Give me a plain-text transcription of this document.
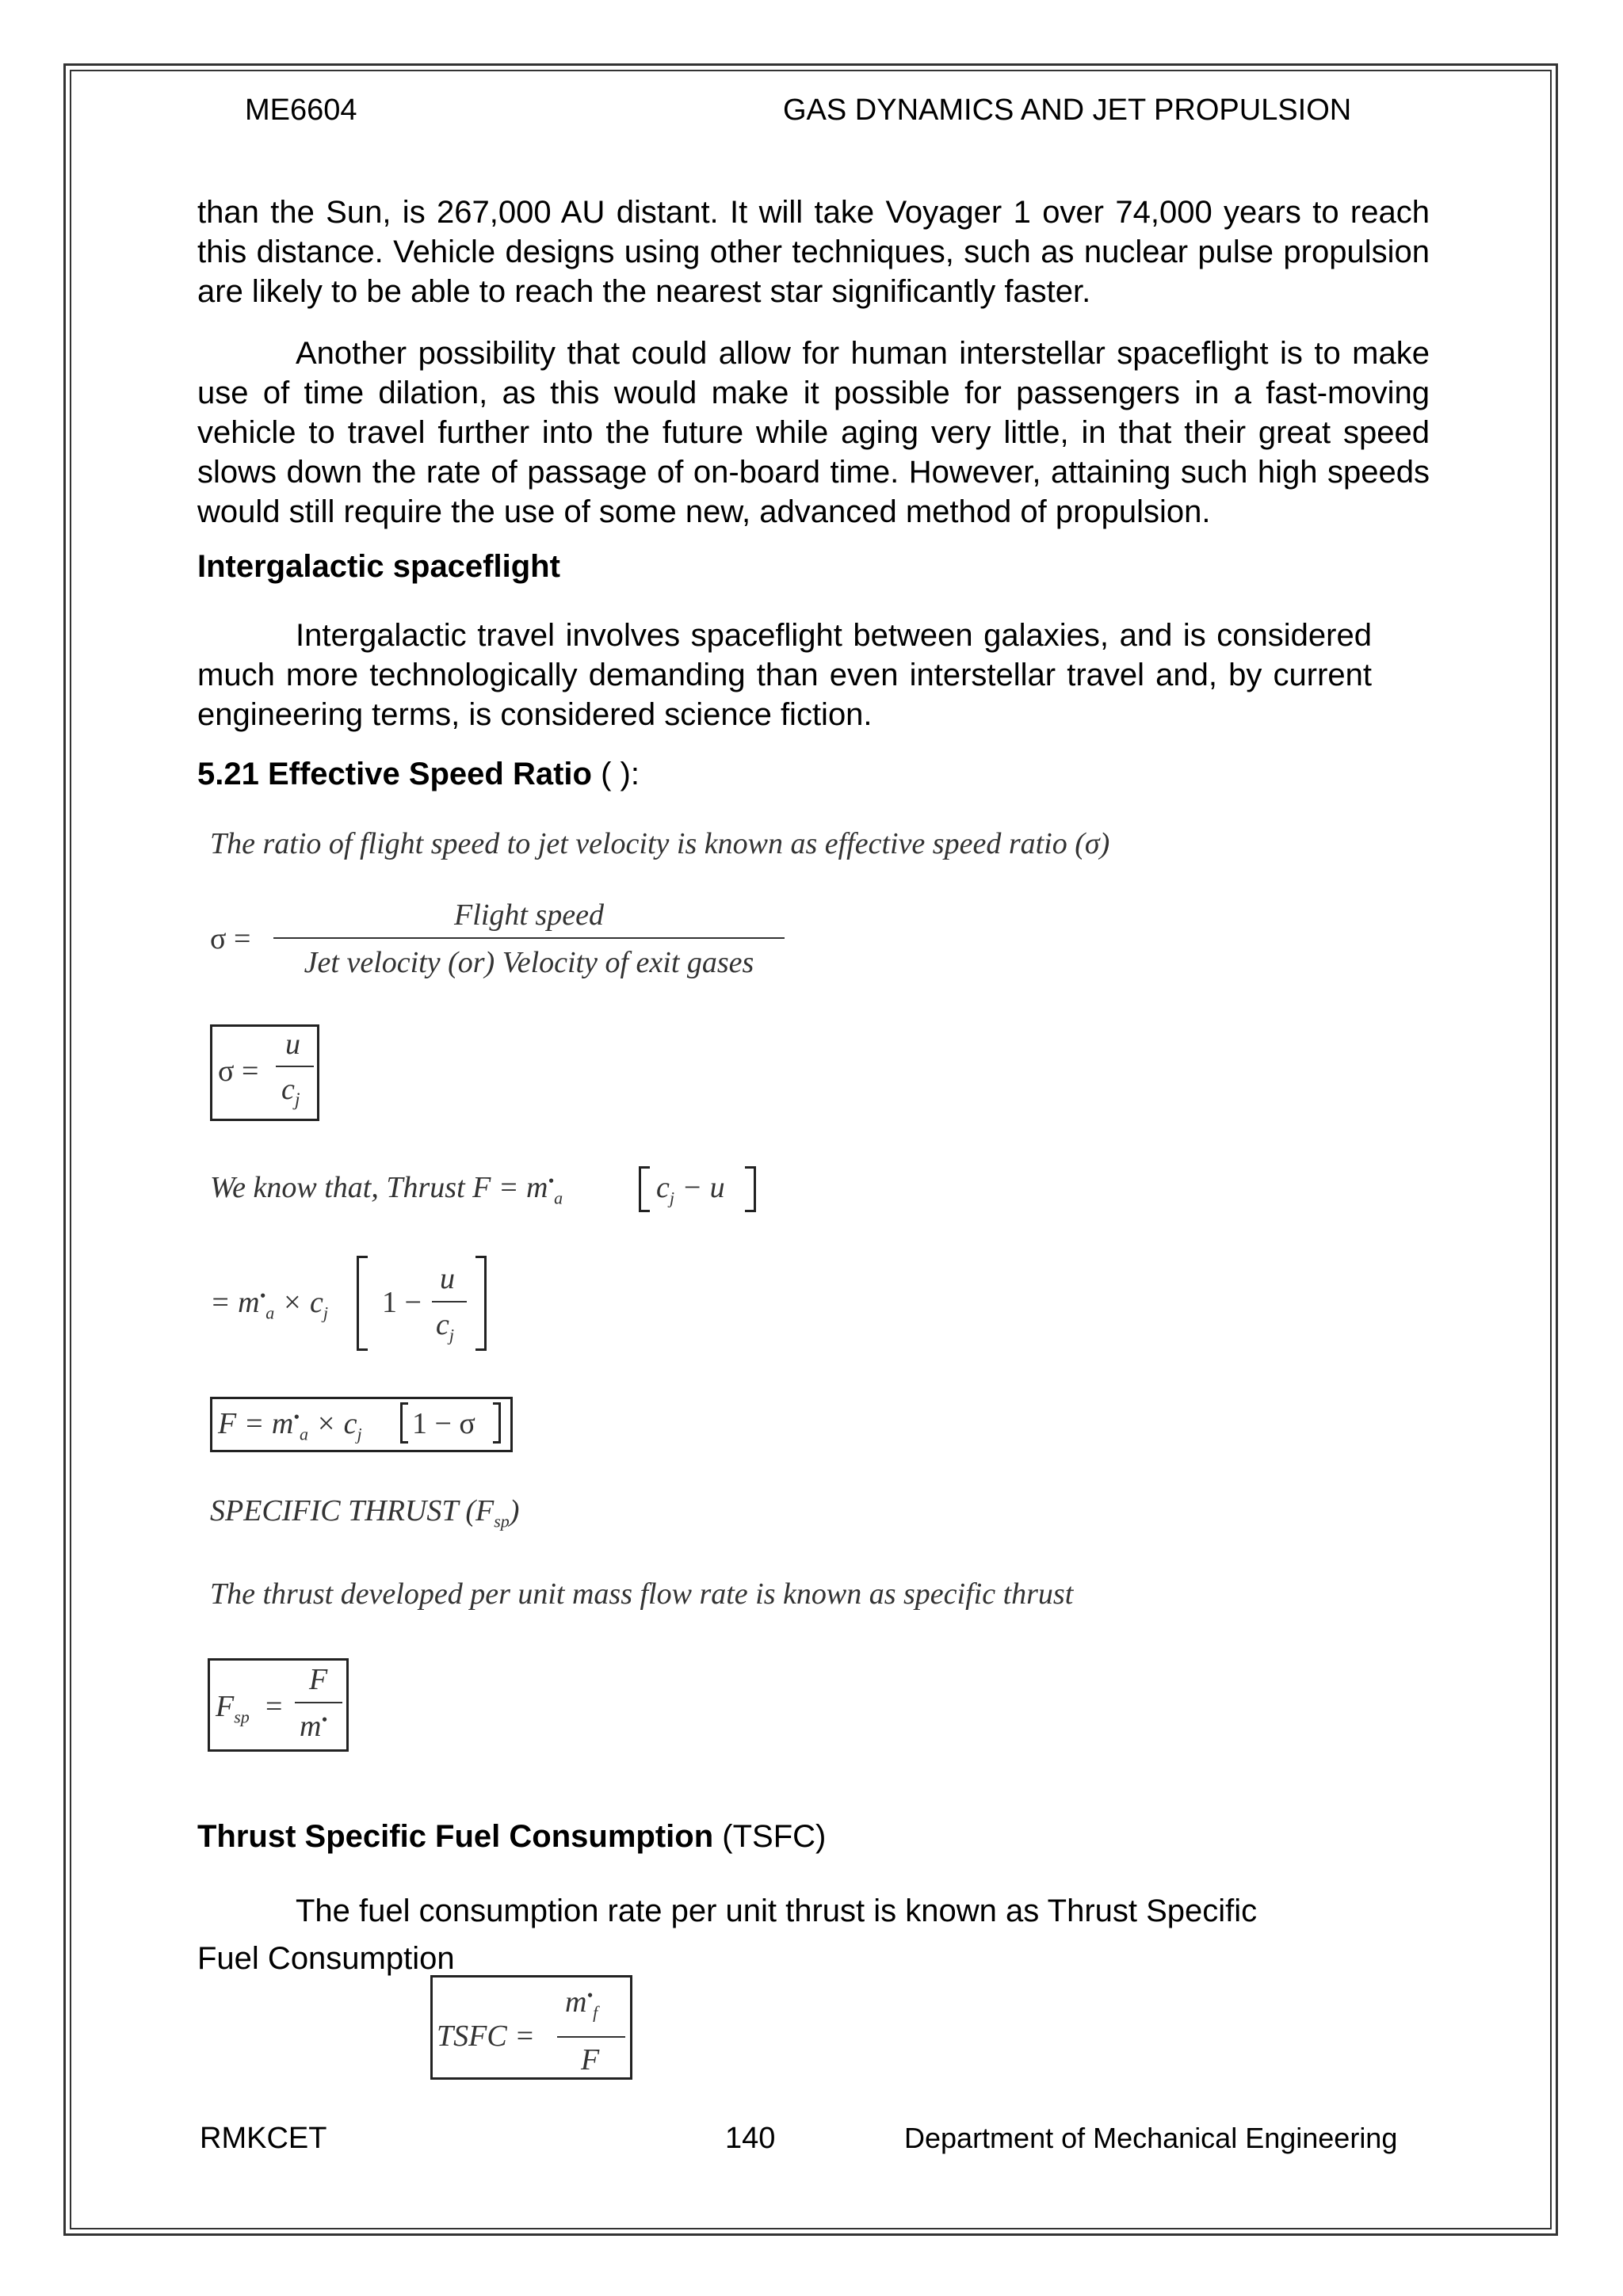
ME6604	GAS DYNAMICS AND JET PROPULSION
than the Sun, is 267,000 AU distant. It will take Voyager 1 over 74,000 years to reach this distance. Vehicle designs using other techniques, such as nuclear pulse propulsion are likely to be able to reach the nearest star significantly faster.
Another possibility that could allow for human interstellar spaceflight is to make use of time dilation, as this would make it possible for passengers in a fast-moving vehicle to travel further into the future while aging very little, in that their great speed slows down the rate of passage of on-board time. However, attaining such high speeds would still require the use of some new, advanced method of propulsion.
Intergalactic spaceflight
Intergalactic travel involves spaceflight between galaxies, and is considered much more technologically demanding than even interstellar travel and, by current engineering terms, is considered science fiction.
5.21 Effective Speed Ratio ( ):
The ratio of flight speed to jet velocity is known as effective speed ratio (σ)
σ =
Flight speed
Jet velocity (or) Velocity of exit gases
σ =
u
$c_j$
We know that, Thrust $F = m^•_a$	$c_j - u$
= $m^•_a \times c_j$ 1 −
u
$c_j$
$F = m^•_a \times c_j$ 1 − σ
SPECIFIC THRUST $(F_{sp})$
The thrust developed per unit mass flow rate is known as specific thrust
$F_{sp}$ =
F
m•
Thrust Specific Fuel Consumption (TSFC)
The fuel consumption rate per unit thrust is known as Thrust Specific
Fuel Consumption
TSFC =
$m^•_f$
F
RMKCET	140	Department of Mechanical Engineering
